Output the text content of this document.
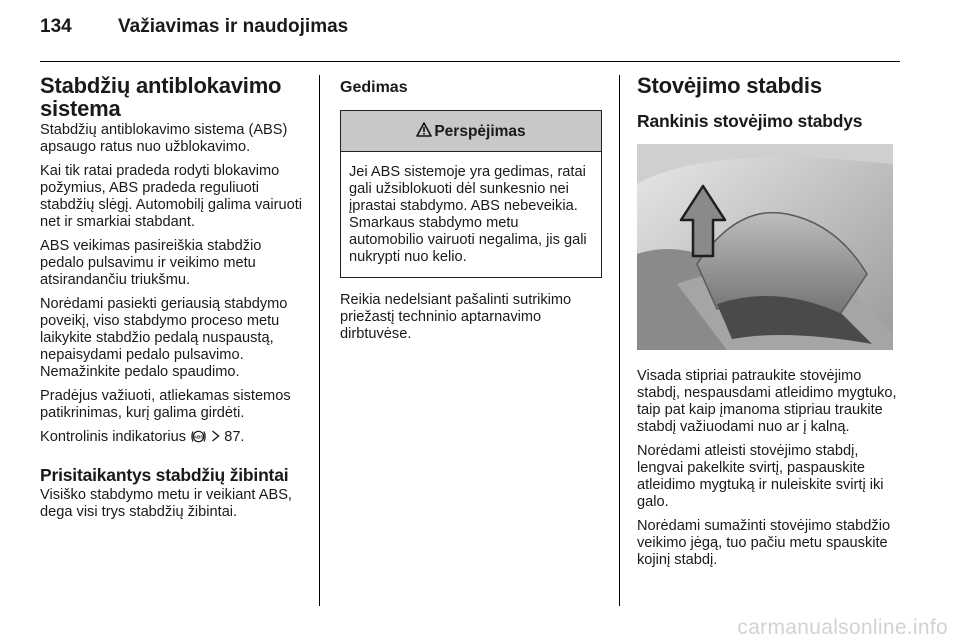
134 Važiavimas ir naudojimas
Stabdžių antiblokavimo sistema

Stabdžių antiblokavimo sistema (ABS) apsaugo ratus nuo užblokavimo.

Kai tik ratai pradeda rodyti blokavimo požymius, ABS pradeda reguliuoti stabdžių slėgį. Automobilį galima vairuoti net ir smarkiai stabdant.

ABS veikimas pasireiškia stabdžio pedalo pulsavimu ir veikimo metu atsirandančiu triukšmu.

Norėdami pasiekti geriausią stabdymo poveikį, viso stabdymo proceso metu laikykite stabdžio pedalą nuspaustą, nepaisydami pedalo pulsavimo. Nemažinkite pedalo spaudimo.

Pradėjus važiuoti, atliekamas sistemos patikrinimas, kurį galima girdėti.

Kontrolinis indikatorius ABS 87.

Prisitaikantys stabdžių žibintai

Visiško stabdymo metu ir veikiant ABS, dega visi trys stabdžių žibintai.

Gedimas
Perspėjimas
Jei ABS sistemoje yra gedimas, ratai gali užsiblokuoti dėl sunkesnio nei įprastai stabdymo. ABS nebeveikia. Smarkaus stabdymo metu automobilio vairuoti negalima, jis gali nukrypti nuo kelio.

Reikia nedelsiant pašalinti sutrikimo priežastį techninio aptarnavimo dirbtuvėse.

Stovėjimo stabdis
Rankinis stovėjimo stabdys

Visada stipriai patraukite stovėjimo stabdį, nespausdami atleidimo mygtuko, taip pat kaip įmanoma stipriau traukite stabdį važiuodami nuo ar į kalną.

Norėdami atleisti stovėjimo stabdį, lengvai pakelkite svirtį, paspauskite atleidimo mygtuką ir nuleiskite svirtį iki galo.

Norėdami sumažinti stovėjimo stabdžio veikimo jėgą, tuo pačiu metu spauskite kojinį stabdį.

carmanualsonline.info
